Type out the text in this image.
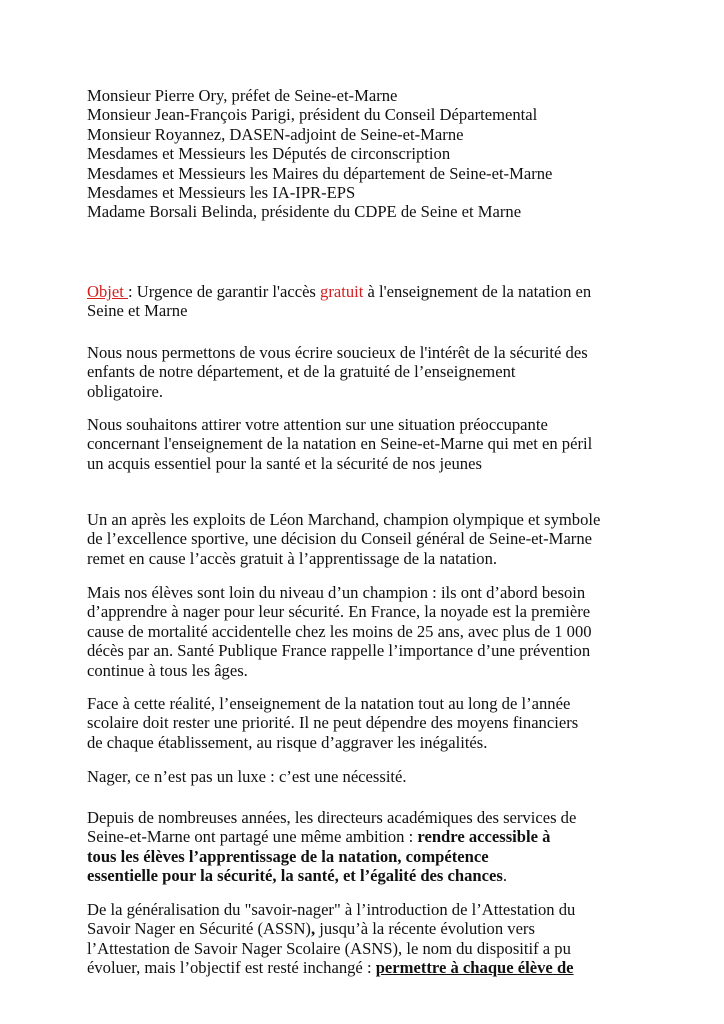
Monsieur Pierre Ory, préfet de Seine-et-Marne
Monsieur Jean-François Parigi, président du Conseil Départemental
Monsieur Royannez, DASEN-adjoint de Seine-et-Marne
Mesdames et Messieurs les Députés de circonscription
Mesdames et Messieurs les Maires du département de Seine-et-Marne
Mesdames et Messieurs les IA-IPR-EPS
Madame Borsali Belinda, présidente du CDPE de Seine et Marne
Objet : Urgence de garantir l'accès gratuit à l'enseignement de la natation en
Seine et Marne
Nous nous permettons de vous écrire soucieux de l'intérêt de la sécurité des
enfants de notre département, et de la gratuité de l’enseignement
obligatoire.
Nous souhaitons attirer votre attention sur une situation préoccupante
concernant l'enseignement de la natation en Seine-et-Marne qui met en péril
un acquis essentiel pour la santé et la sécurité de nos jeunes
Un an après les exploits de Léon Marchand, champion olympique et symbole
de l’excellence sportive, une décision du Conseil général de Seine-et-Marne
remet en cause l’accès gratuit à l’apprentissage de la natation.
Mais nos élèves sont loin du niveau d’un champion : ils ont d’abord besoin
d’apprendre à nager pour leur sécurité. En France, la noyade est la première
cause de mortalité accidentelle chez les moins de 25 ans, avec plus de 1 000
décès par an. Santé Publique France rappelle l’importance d’une prévention
continue à tous les âges.
Face à cette réalité, l’enseignement de la natation tout au long de l’année
scolaire doit rester une priorité. Il ne peut dépendre des moyens financiers
de chaque établissement, au risque d’aggraver les inégalités.
Nager, ce n’est pas un luxe : c’est une nécessité.
Depuis de nombreuses années, les directeurs académiques des services de
Seine-et-Marne ont partagé une même ambition : rendre accessible à
tous les élèves l’apprentissage de la natation, compétence
essentielle pour la sécurité, la santé, et l’égalité des chances.
De la généralisation du "savoir-nager" à l’introduction de l’Attestation du
Savoir Nager en Sécurité (ASSN), jusqu’à la récente évolution vers
l’Attestation de Savoir Nager Scolaire (ASNS), le nom du dispositif a pu
évoluer, mais l’objectif est resté inchangé : permettre à chaque élève de
